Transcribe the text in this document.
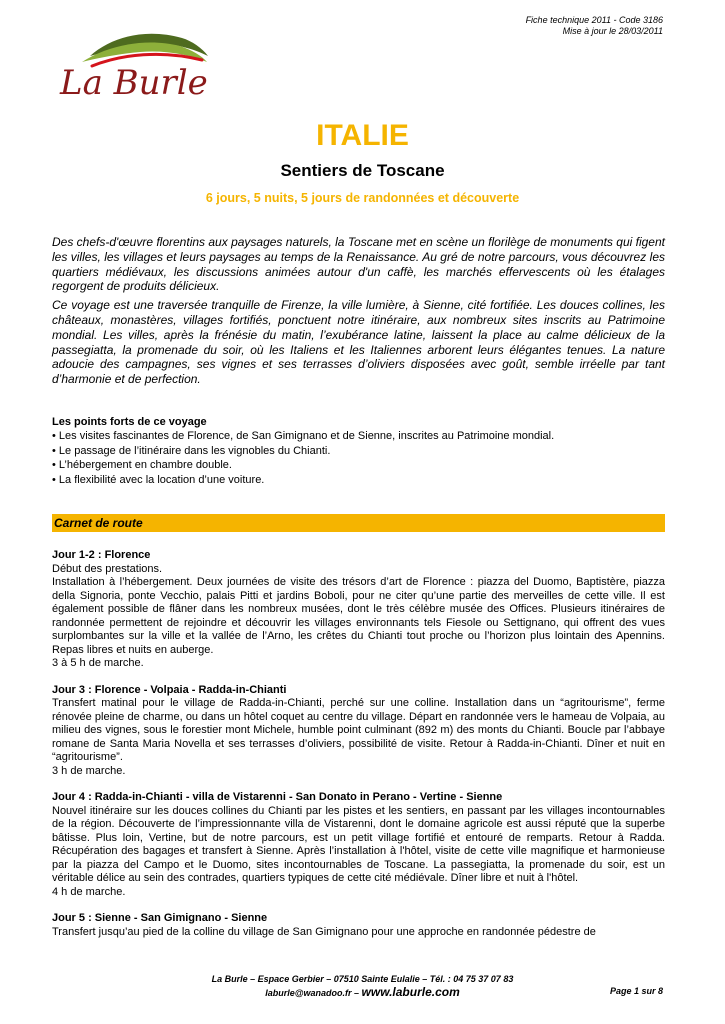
Fiche technique 2011 - Code 3186
Mise à jour le 28/03/2011
La Burle
ITALIE
Sentiers de Toscane
6 jours, 5 nuits, 5 jours de randonnées et découverte

Des chefs-d'œuvre florentins aux paysages naturels, la Toscane met en scène un florilège de monuments qui figent les villes, les villages et leurs paysages au temps de la Renaissance. Au gré de notre parcours, vous découvrez les quartiers médiévaux, les discussions animées autour d'un caffè, les marchés effervescents où les étalages regorgent de produits délicieux.

Ce voyage est une traversée tranquille de Firenze, la ville lumière, à Sienne, cité fortifiée. Les douces collines, les châteaux, monastères, villages fortifiés, ponctuent notre itinéraire, aux nombreux sites inscrits au Patrimoine mondial. Les villes, après la frénésie du matin, l’exubérance latine, laissent la place au calme délicieux de la passegiatta, la promenade du soir, où les Italiens et les Italiennes arborent leurs élégantes tenues. La nature adoucie des campagnes, ses vignes et ses terrasses d’oliviers disposées avec goût, semble irréelle par tant d’harmonie et de perfection.

Les points forts de ce voyage
• Les visites fascinantes de Florence, de San Gimignano et de Sienne, inscrites au Patrimoine mondial.
• Le passage de l’itinéraire dans les vignobles du Chianti.
• L’hébergement en chambre double.
• La flexibilité avec la location d’une voiture.
Carnet de route
Jour 1-2 : Florence
Début des prestations.
Installation à l’hébergement. Deux journées de visite des trésors d’art de Florence : piazza del Duomo, Baptistère, piazza della Signoria, ponte Vecchio, palais Pitti et jardins Boboli, pour ne citer qu’une partie des merveilles de cette ville. Il est également possible de flâner dans les nombreux musées, dont le très célèbre musée des Offices. Plusieurs itinéraires de randonnée permettent de rejoindre et découvrir les villages environnants tels Fiesole ou Settignano, qui offrent des vues surplombantes sur la ville et la vallée de l’Arno, les crêtes du Chianti tout proche ou l’horizon plus lointain des Apennins. Repas libres et nuits en auberge.
3 à 5 h de marche.
Jour 3 : Florence - Volpaia - Radda-in-Chianti
Transfert matinal pour le village de Radda-in-Chianti, perché sur une colline. Installation dans un “agritourisme”, ferme rénovée pleine de charme, ou dans un hôtel coquet au centre du village. Départ en randonnée vers le hameau de Volpaia, au milieu des vignes, sous le forestier mont Michele, humble point culminant (892 m) des monts du Chianti. Boucle par l’abbaye romane de Santa Maria Novella et ses terrasses d’oliviers, possibilité de visite. Retour à Radda-in-Chianti. Dîner et nuit en “agritourisme”.
3 h de marche.
Jour 4 : Radda-in-Chianti - villa de Vistarenni - San Donato in Perano - Vertine - Sienne
Nouvel itinéraire sur les douces collines du Chianti par les pistes et les sentiers, en passant par les villages incontournables de la région. Découverte de l’impressionnante villa de Vistarenni, dont le domaine agricole est aussi réputé que la superbe bâtisse. Plus loin, Vertine, but de notre parcours, est un petit village fortifié et entouré de remparts. Retour à Radda. Récupération des bagages et transfert à Sienne. Après l’installation à l'hôtel, visite de cette ville magnifique et harmonieuse par la piazza del Campo et le Duomo, sites incontournables de Toscane. La passegiatta, la promenade du soir, est un véritable délice au sein des contrades, quartiers typiques de cette cité médiévale. Dîner libre et nuit à l'hôtel.
4 h de marche.
Jour 5 : Sienne - San Gimignano - Sienne
Transfert jusqu’au pied de la colline du village de San Gimignano pour une approche en randonnée pédestre de
La Burle – Espace Gerbier – 07510 Sainte Eulalie – Tél. : 04 75 37 07 83
laburle@wanadoo.fr – www.laburle.com	Page 1 sur 8
